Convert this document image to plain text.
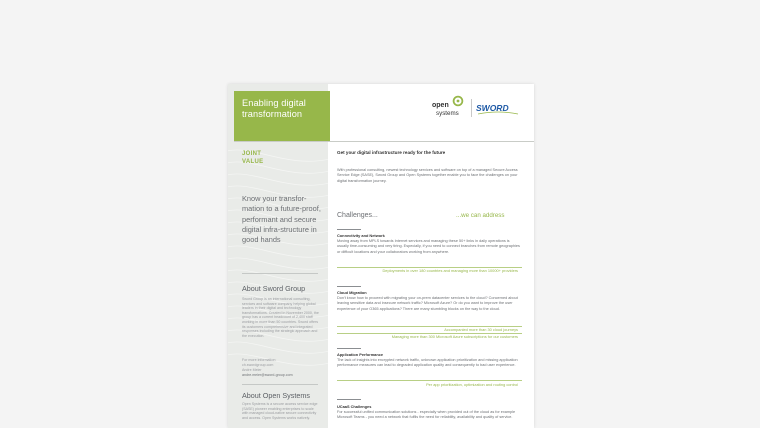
Enabling digital transformation
open
systems
SWORD
JOINT
VALUE
Know your transfor-mation to a future-proof, performant and secure digital infra-structure in good hands
About Sword Group
Sword Group is an international consulting, services and software company helping global leaders in their digital and technology transformations. Created in November 2000, the group has a current headcount of 2,400 staff working in more than 50 countries. Sword offers its customers comprehensive and integrated responses including the strategic approach and the execution.
For more information:
ch.swordgroup.com
Andre Meier
andre.meier@sword-group.com
About Open Systems
Open Systems is a secure access service edge (SASE) pioneer enabling enterprises to scale with managed cloud-native secure connectivity and access. Open Systems works natively.
Get your digital infrastructure ready for the future
With professional consulting, newest technology services and software on top of a managed Secure Access Service Edge (SASE), Sword Group and Open Systems together enable you to face the challenges on your digital transformation journey.
Challenges...	...we can address
Connectivity and Network
Moving away from MPLS towards Internet services and managing these 50+ links in daily operations is usually time-consuming and very tiring. Especially, if you need to connect branches from remote geographies or difficult locations and your collaborators working from anywhere.
Deployments in over 180 countries and managing more than 10000+ providers
Cloud Migration
Don't know how to proceed with migrating your on-prem datacenter services to the cloud? Concerned about leaving sensitive data and insecure network traffic? Microsoft Azure? Or do you want to improve the user experience of your O365 applications? There are many stumbling blocks on the way to the cloud.
Accompanied more than 30 cloud journeys
Managing more than 300 Microsoft Azure subscriptions for our customers
Application Performance
The lack of insights into encrypted network traffic, unknown application prioritization and missing application performance measures can lead to degraded application quality and consequently to bad user experience.
Per app prioritization, optimization and routing control
UCaaS Challenges
For successful unified communication solutions - especially when provided out of the cloud as for example Microsoft Teams - you need a network that fulfils the need for reliability, availability and quality of service.
